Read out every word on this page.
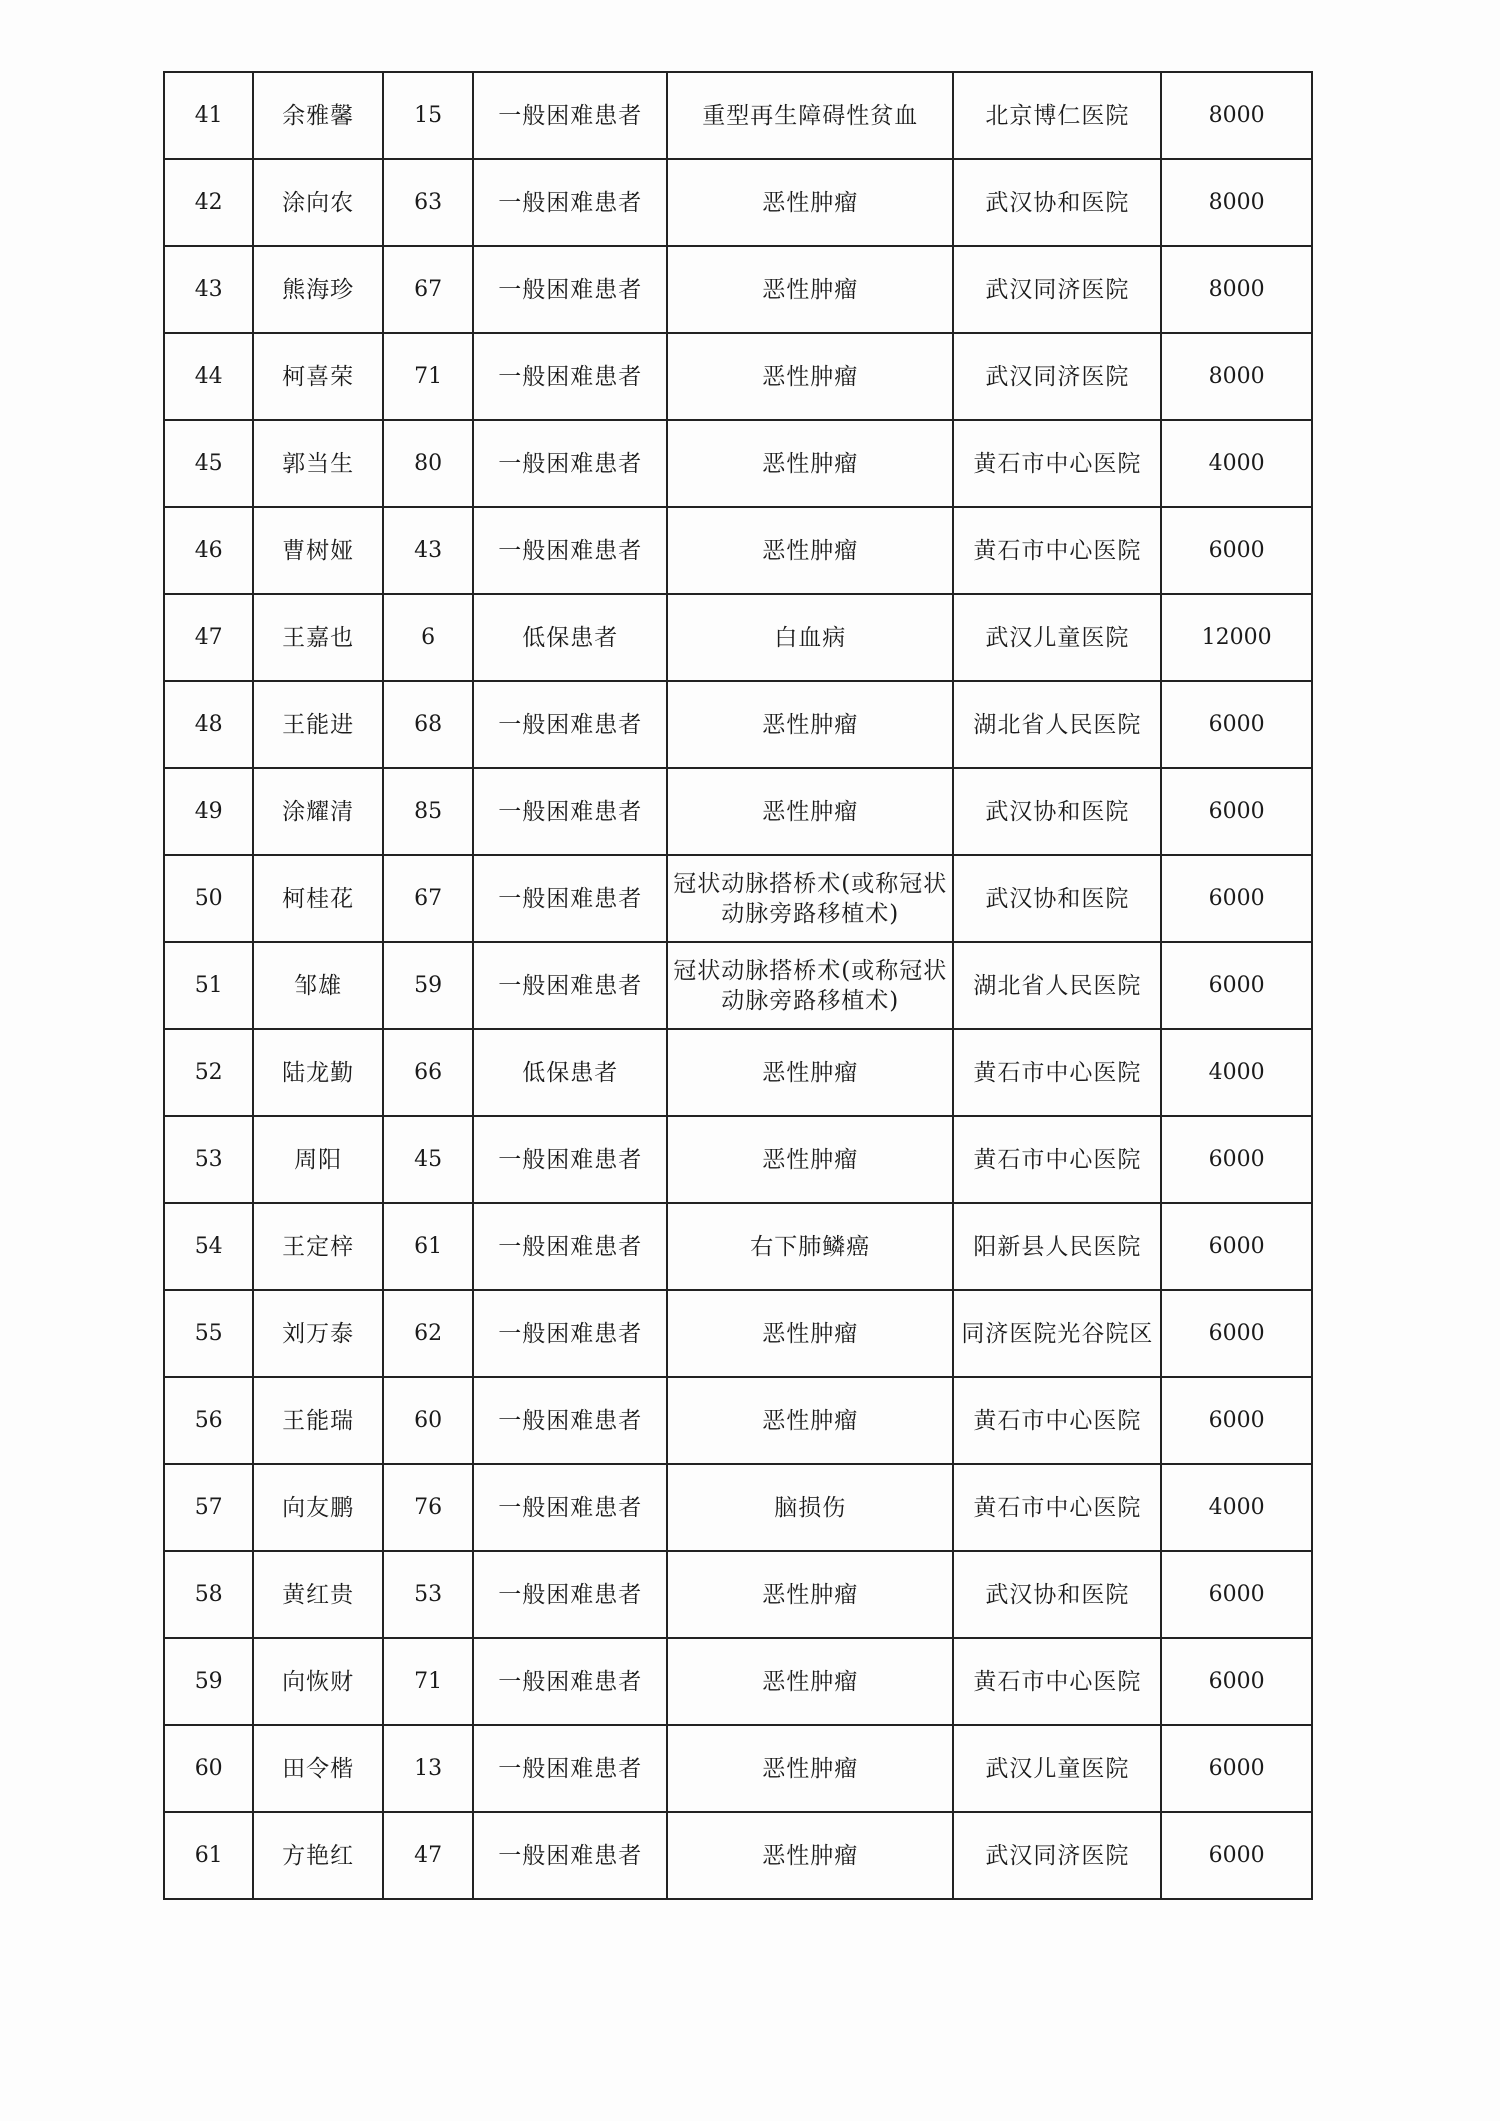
41	余雅馨	15	一般困难患者	重型再生障碍性贫血	北京博仁医院	8000
42	涂向农	63	一般困难患者	恶性肿瘤	武汉协和医院	8000
43	熊海珍	67	一般困难患者	恶性肿瘤	武汉同济医院	8000
44	柯喜荣	71	一般困难患者	恶性肿瘤	武汉同济医院	8000
45	郭当生	80	一般困难患者	恶性肿瘤	黄石市中心医院	4000
46	曹树娅	43	一般困难患者	恶性肿瘤	黄石市中心医院	6000
47	王嘉也	6	低保患者	白血病	武汉儿童医院	12000
48	王能进	68	一般困难患者	恶性肿瘤	湖北省人民医院	6000
49	涂耀清	85	一般困难患者	恶性肿瘤	武汉协和医院	6000
50	柯桂花	67	一般困难患者	冠状动脉搭桥术(或称冠状动脉旁路移植术)	武汉协和医院	6000
51	邹雄	59	一般困难患者	冠状动脉搭桥术(或称冠状动脉旁路移植术)	湖北省人民医院	6000
52	陆龙勤	66	低保患者	恶性肿瘤	黄石市中心医院	4000
53	周阳	45	一般困难患者	恶性肿瘤	黄石市中心医院	6000
54	王定梓	61	一般困难患者	右下肺鳞癌	阳新县人民医院	6000
55	刘万泰	62	一般困难患者	恶性肿瘤	同济医院光谷院区	6000
56	王能瑞	60	一般困难患者	恶性肿瘤	黄石市中心医院	6000
57	向友鹏	76	一般困难患者	脑损伤	黄石市中心医院	4000
58	黄红贵	53	一般困难患者	恶性肿瘤	武汉协和医院	6000
59	向恢财	71	一般困难患者	恶性肿瘤	黄石市中心医院	6000
60	田令楷	13	一般困难患者	恶性肿瘤	武汉儿童医院	6000
61	方艳红	47	一般困难患者	恶性肿瘤	武汉同济医院	6000
